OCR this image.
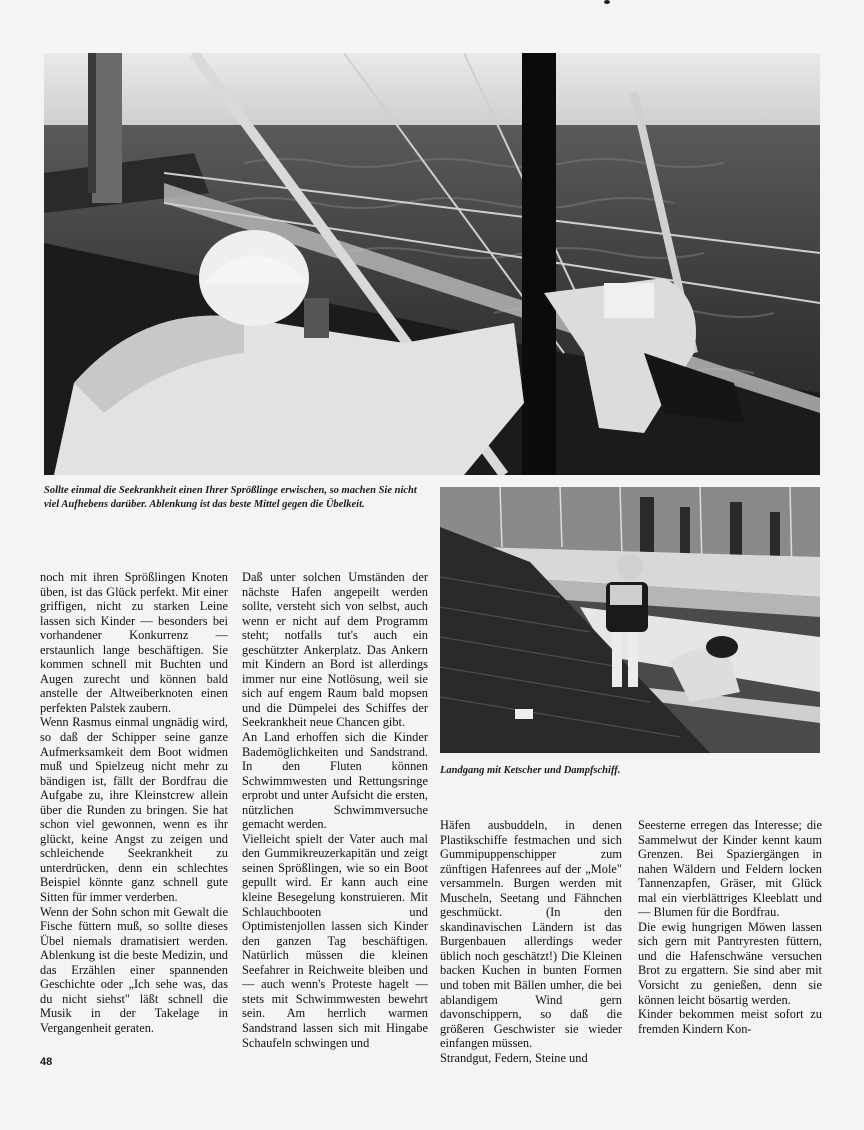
Sollte einmal die Seekrankheit einen Ihrer Sprößlinge erwischen, so machen Sie nicht viel Aufhebens darüber. Ablenkung ist das beste Mittel gegen die Übelkeit.
Landgang mit Ketscher und Dampfschiff.

noch mit ihren Sprößlingen Knoten üben, ist das Glück perfekt. Mit einer griffigen, nicht zu starken Leine lassen sich Kinder — besonders bei vorhandener Konkurrenz — erstaunlich lange beschäftigen. Sie kommen schnell mit Buchten und Augen zurecht und können bald anstelle der Altweiberknoten einen perfekten Palstek zaubern.

Wenn Rasmus einmal ungnädig wird, so daß der Schipper seine ganze Aufmerksamkeit dem Boot widmen muß und Spielzeug nicht mehr zu bändigen ist, fällt der Bordfrau die Aufgabe zu, ihre Kleinstcrew allein über die Runden zu bringen. Sie hat schon viel gewonnen, wenn es ihr glückt, keine Angst zu zeigen und schleichende Seekrankheit zu unterdrücken, denn ein schlechtes Beispiel könnte ganz schnell gute Sitten für immer verderben.

Wenn der Sohn schon mit Gewalt die Fische füttern muß, so sollte dieses Übel niemals dramatisiert werden. Ablenkung ist die beste Medizin, und das Erzählen einer spannenden Geschichte oder „Ich sehe was, das du nicht siehst" läßt schnell die Musik in der Takelage in Vergangenheit geraten.

Daß unter solchen Umständen der nächste Hafen angepeilt werden sollte, versteht sich von selbst, auch wenn er nicht auf dem Programm steht; notfalls tut's auch ein geschützter Ankerplatz. Das Ankern mit Kindern an Bord ist allerdings immer nur eine Notlösung, weil sie sich auf engem Raum bald mopsen und die Dümpelei des Schiffes der Seekrankheit neue Chancen gibt.

An Land erhoffen sich die Kinder Bademöglichkeiten und Sandstrand. In den Fluten können Schwimmwesten und Rettungsringe erprobt und unter Aufsicht die ersten, nützlichen Schwimmversuche gemacht werden.

Vielleicht spielt der Vater auch mal den Gummikreuzerkapitän und zeigt seinen Sprößlingen, wie so ein Boot gepullt wird. Er kann auch eine kleine Besegelung konstruieren. Mit Schlauchbooten und Optimistenjollen lassen sich Kinder den ganzen Tag beschäftigen. Natürlich müssen die kleinen Seefahrer in Reichweite bleiben und — auch wenn's Proteste hagelt — stets mit Schwimmwesten bewehrt sein. Am herrlich warmen Sandstrand lassen sich mit Hingabe Schaufeln schwingen und

Häfen ausbuddeln, in denen Plastikschiffe festmachen und sich Gummipuppenschipper zum zünftigen Hafenrees auf der „Mole" versammeln. Burgen werden mit Muscheln, Seetang und Fähnchen geschmückt. (In den skandinavischen Ländern ist das Burgenbauen allerdings weder üblich noch geschätzt!) Die Kleinen backen Kuchen in bunten Formen und toben mit Bällen umher, die bei ablandigem Wind gern davonschippern, so daß die größeren Geschwister sie wieder einfangen müssen.

Strandgut, Federn, Steine und

Seesterne erregen das Interesse; die Sammelwut der Kinder kennt kaum Grenzen. Bei Spaziergängen in nahen Wäldern und Feldern locken Tannenzapfen, Gräser, mit Glück mal ein vierblättriges Kleeblatt und — Blumen für die Bordfrau.

Die ewig hungrigen Möwen lassen sich gern mit Pantryresten füttern, und die Hafenschwäne versuchen Brot zu ergattern. Sie sind aber mit Vorsicht zu genießen, denn sie können leicht bösartig werden.

Kinder bekommen meist sofort zu fremden Kindern Kon-

48
